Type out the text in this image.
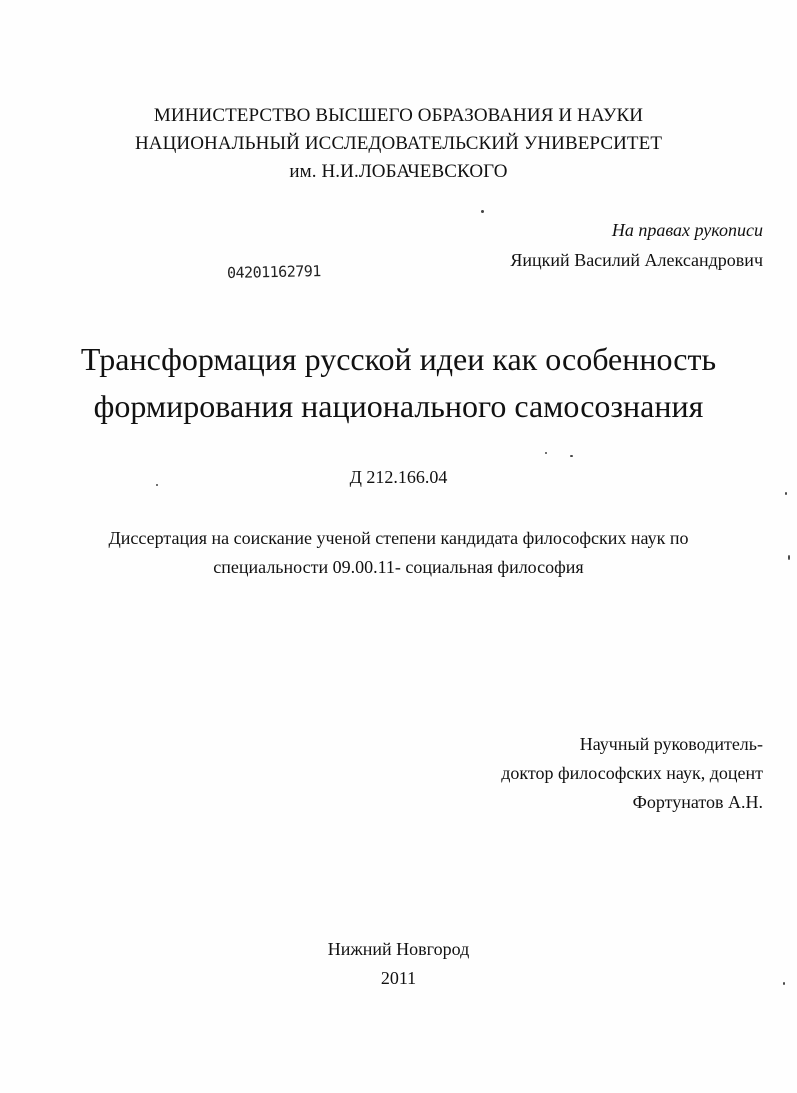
МИНИСТЕРСТВО ВЫСШЕГО ОБРАЗОВАНИЯ И НАУКИ
НАЦИОНАЛЬНЫЙ ИССЛЕДОВАТЕЛЬСКИЙ УНИВЕРСИТЕТ
им. Н.И.ЛОБАЧЕВСКОГО
На правах рукописи
Яицкий Василий Александрович
04201162791
Трансформация русской идеи как особенность
формирования национального самосознания
Д 212.166.04
Диссертация на соискание ученой степени кандидата философских наук по
специальности 09.00.11- социальная философия
Научный руководитель-
доктор философских наук, доцент
Фортунатов А.Н.
Нижний Новгород
2011
